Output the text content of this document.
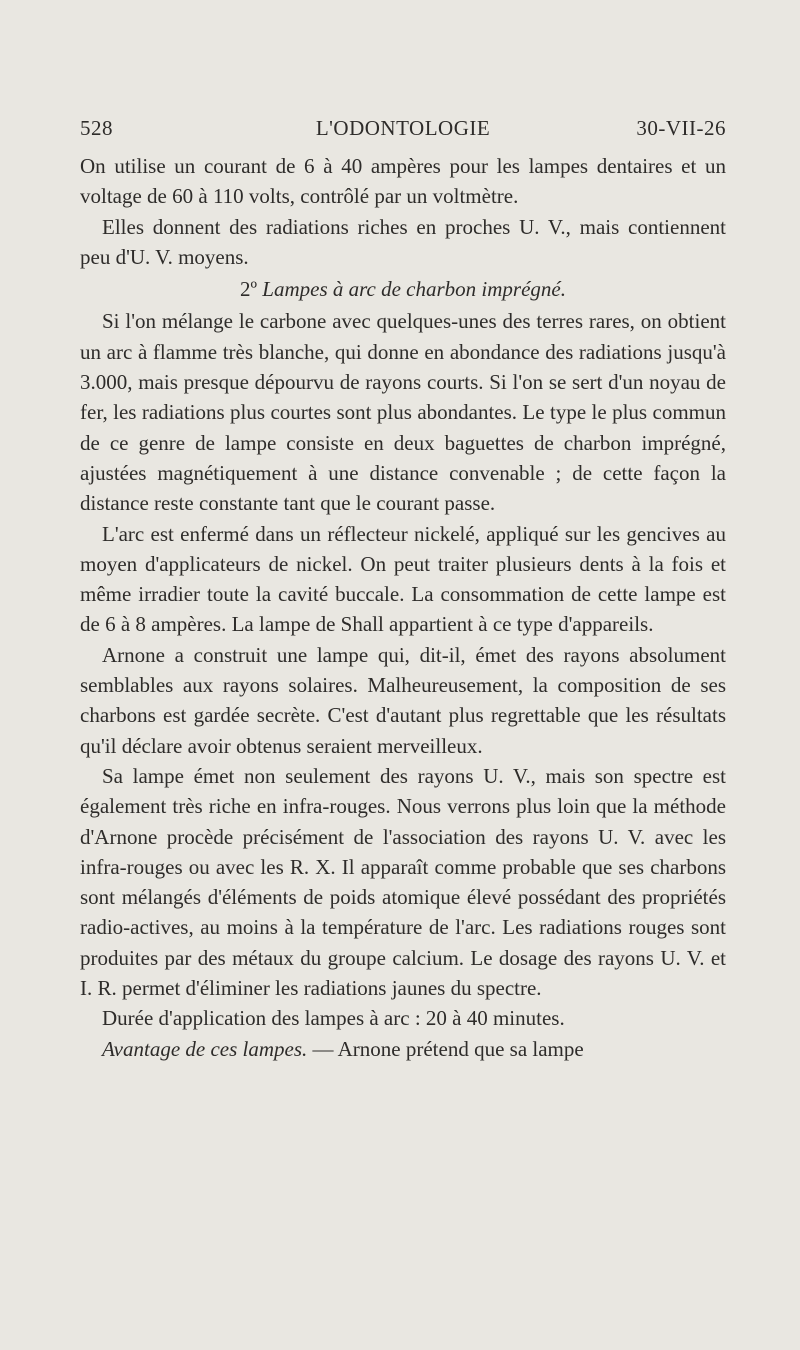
528	L'ODONTOLOGIE	30-VII-26

On utilise un courant de 6 à 40 ampères pour les lampes dentaires et un voltage de 60 à 110 volts, contrôlé par un voltmètre.

Elles donnent des radiations riches en proches U. V., mais contiennent peu d'U. V. moyens.

2º Lampes à arc de charbon imprégné.

Si l'on mélange le carbone avec quelques-unes des terres rares, on obtient un arc à flamme très blanche, qui donne en abondance des radiations jusqu'à 3.000, mais presque dépourvu de rayons courts. Si l'on se sert d'un noyau de fer, les radiations plus courtes sont plus abondantes. Le type le plus commun de ce genre de lampe consiste en deux baguettes de charbon imprégné, ajustées magnétiquement à une distance convenable ; de cette façon la distance reste constante tant que le courant passe.

L'arc est enfermé dans un réflecteur nickelé, appliqué sur les gencives au moyen d'applicateurs de nickel. On peut traiter plusieurs dents à la fois et même irradier toute la cavité buccale. La consommation de cette lampe est de 6 à 8 ampères. La lampe de Shall appartient à ce type d'appareils.

Arnone a construit une lampe qui, dit-il, émet des rayons absolument semblables aux rayons solaires. Malheureusement, la composition de ses charbons est gardée secrète. C'est d'autant plus regrettable que les résultats qu'il déclare avoir obtenus seraient merveilleux.

Sa lampe émet non seulement des rayons U. V., mais son spectre est également très riche en infra-rouges. Nous verrons plus loin que la méthode d'Arnone procède précisément de l'association des rayons U. V. avec les infra-rouges ou avec les R. X. Il apparaît comme probable que ses charbons sont mélangés d'éléments de poids atomique élevé possédant des propriétés radio-actives, au moins à la température de l'arc. Les radiations rouges sont produites par des métaux du groupe calcium. Le dosage des rayons U. V. et I. R. permet d'éliminer les radiations jaunes du spectre.

Durée d'application des lampes à arc : 20 à 40 minutes.

Avantage de ces lampes. — Arnone prétend que sa lampe
